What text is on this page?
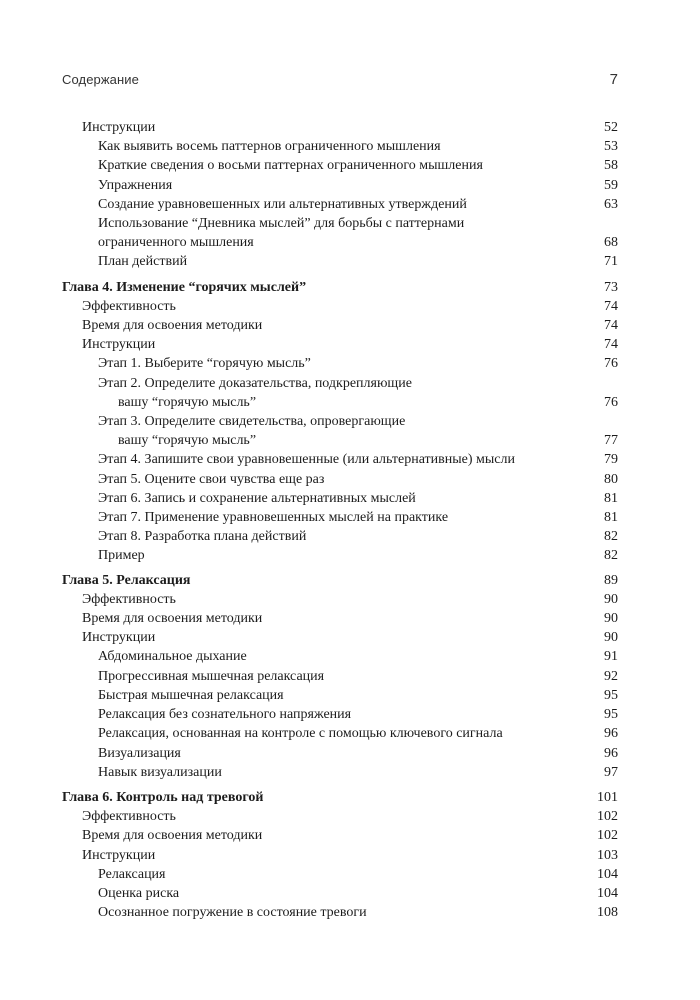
Содержание	7
Инструкции	52
Как выявить восемь паттернов ограниченного мышления	53
Краткие сведения о восьми паттернах ограниченного мышления	58
Упражнения	59
Создание уравновешенных или альтернативных утверждений	63
Использование “Дневника мыслей” для борьбы с паттернами
ограниченного мышления	68
План действий	71
Глава 4. Изменение “горячих мыслей”	73
Эффективность	74
Время для освоения методики	74
Инструкции	74
Этап 1. Выберите “горячую мысль”	76
Этап 2. Определите доказательства, подкрепляющие
вашу “горячую мысль”	76
Этап 3. Определите свидетельства, опровергающие
вашу “горячую мысль”	77
Этап 4. Запишите свои уравновешенные (или альтернативные) мысли	79
Этап 5. Оцените свои чувства еще раз	80
Этап 6. Запись и сохранение альтернативных мыслей	81
Этап 7. Применение уравновешенных мыслей на практике	81
Этап 8. Разработка плана действий	82
Пример	82
Глава 5. Релаксация	89
Эффективность	90
Время для освоения методики	90
Инструкции	90
Абдоминальное дыхание	91
Прогрессивная мышечная релаксация	92
Быстрая мышечная релаксация	95
Релаксация без сознательного напряжения	95
Релаксация, основанная на контроле с помощью ключевого сигнала	96
Визуализация	96
Навык визуализации	97
Глава 6. Контроль над тревогой	101
Эффективность	102
Время для освоения методики	102
Инструкции	103
Релаксация	104
Оценка риска	104
Осознанное погружение в состояние тревоги	108
